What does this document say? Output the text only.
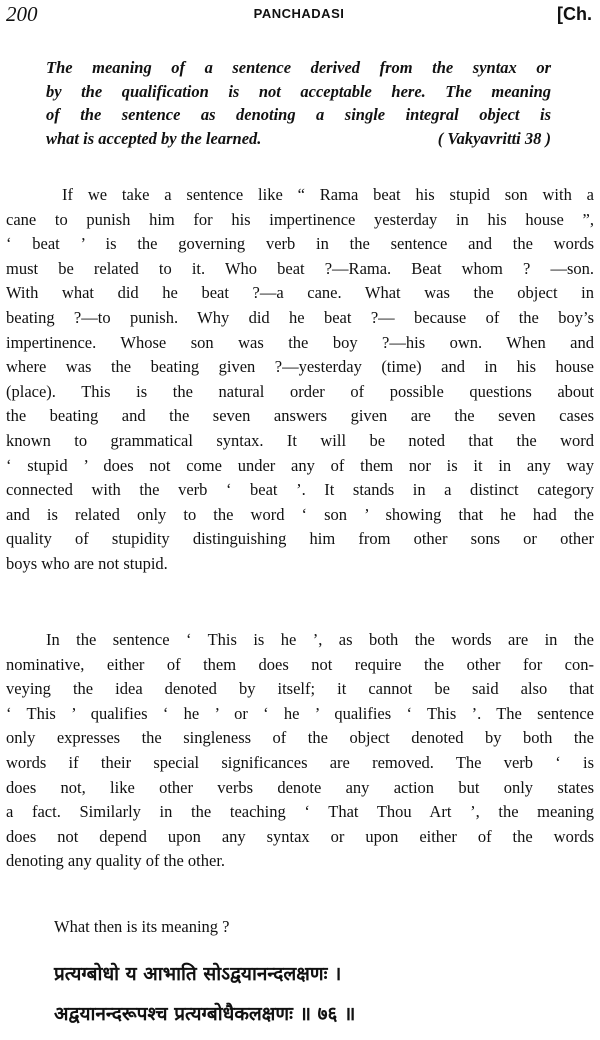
200	PANCHADASI	[Ch.
The meaning of a sentence derived from the syntax or
by the qualification is not acceptable here. The meaning
of the sentence as denoting a single integral object is
what is accepted by the learned.	( Vakyavritti 38 )
If we take a sentence like “ Rama beat his stupid son with a
cane to punish him for his impertinence yesterday in his house ”,
‘ beat ’ is the governing verb in the sentence and the words
must be related to it. Who beat ?—Rama. Beat whom ? —son.
With what did he beat ?—a cane. What was the object in
beating ?—to punish. Why did he beat ?— because of the boy’s
impertinence. Whose son was the boy ?—his own. When and
where was the beating given ?—yesterday (time) and in his house
(place). This is the natural order of possible questions about
the beating and the seven answers given are the seven cases
known to grammatical syntax. It will be noted that the word
‘ stupid ’ does not come under any of them nor is it in any way
connected with the verb ‘ beat ’. It stands in a distinct category
and is related only to the word ‘ son ’ showing that he had the
quality of stupidity distinguishing him from other sons or other
boys who are not stupid.
In the sentence ‘ This is he ’, as both the words are in the
nominative, either of them does not require the other for con-
veying the idea denoted by itself; it cannot be said also that
‘ This ’ qualifies ‘ he ’ or ‘ he ’ qualifies ‘ This ’. The sentence
only expresses the singleness of the object denoted by both the
words if their special significances are removed. The verb ‘ is
does not, like other verbs denote any action but only states
a fact. Similarly in the teaching ‘ That Thou Art ’, the meaning
does not depend upon any syntax or upon either of the words
denoting any quality of the other.
What then is its meaning ?
प्रत्यग्बोधो य आभाति सोऽद्वयानन्दलक्षणः ।
अद्वयानन्दरूपश्च प्रत्यग्बोधैकलक्षणः ॥ ७६ ॥
